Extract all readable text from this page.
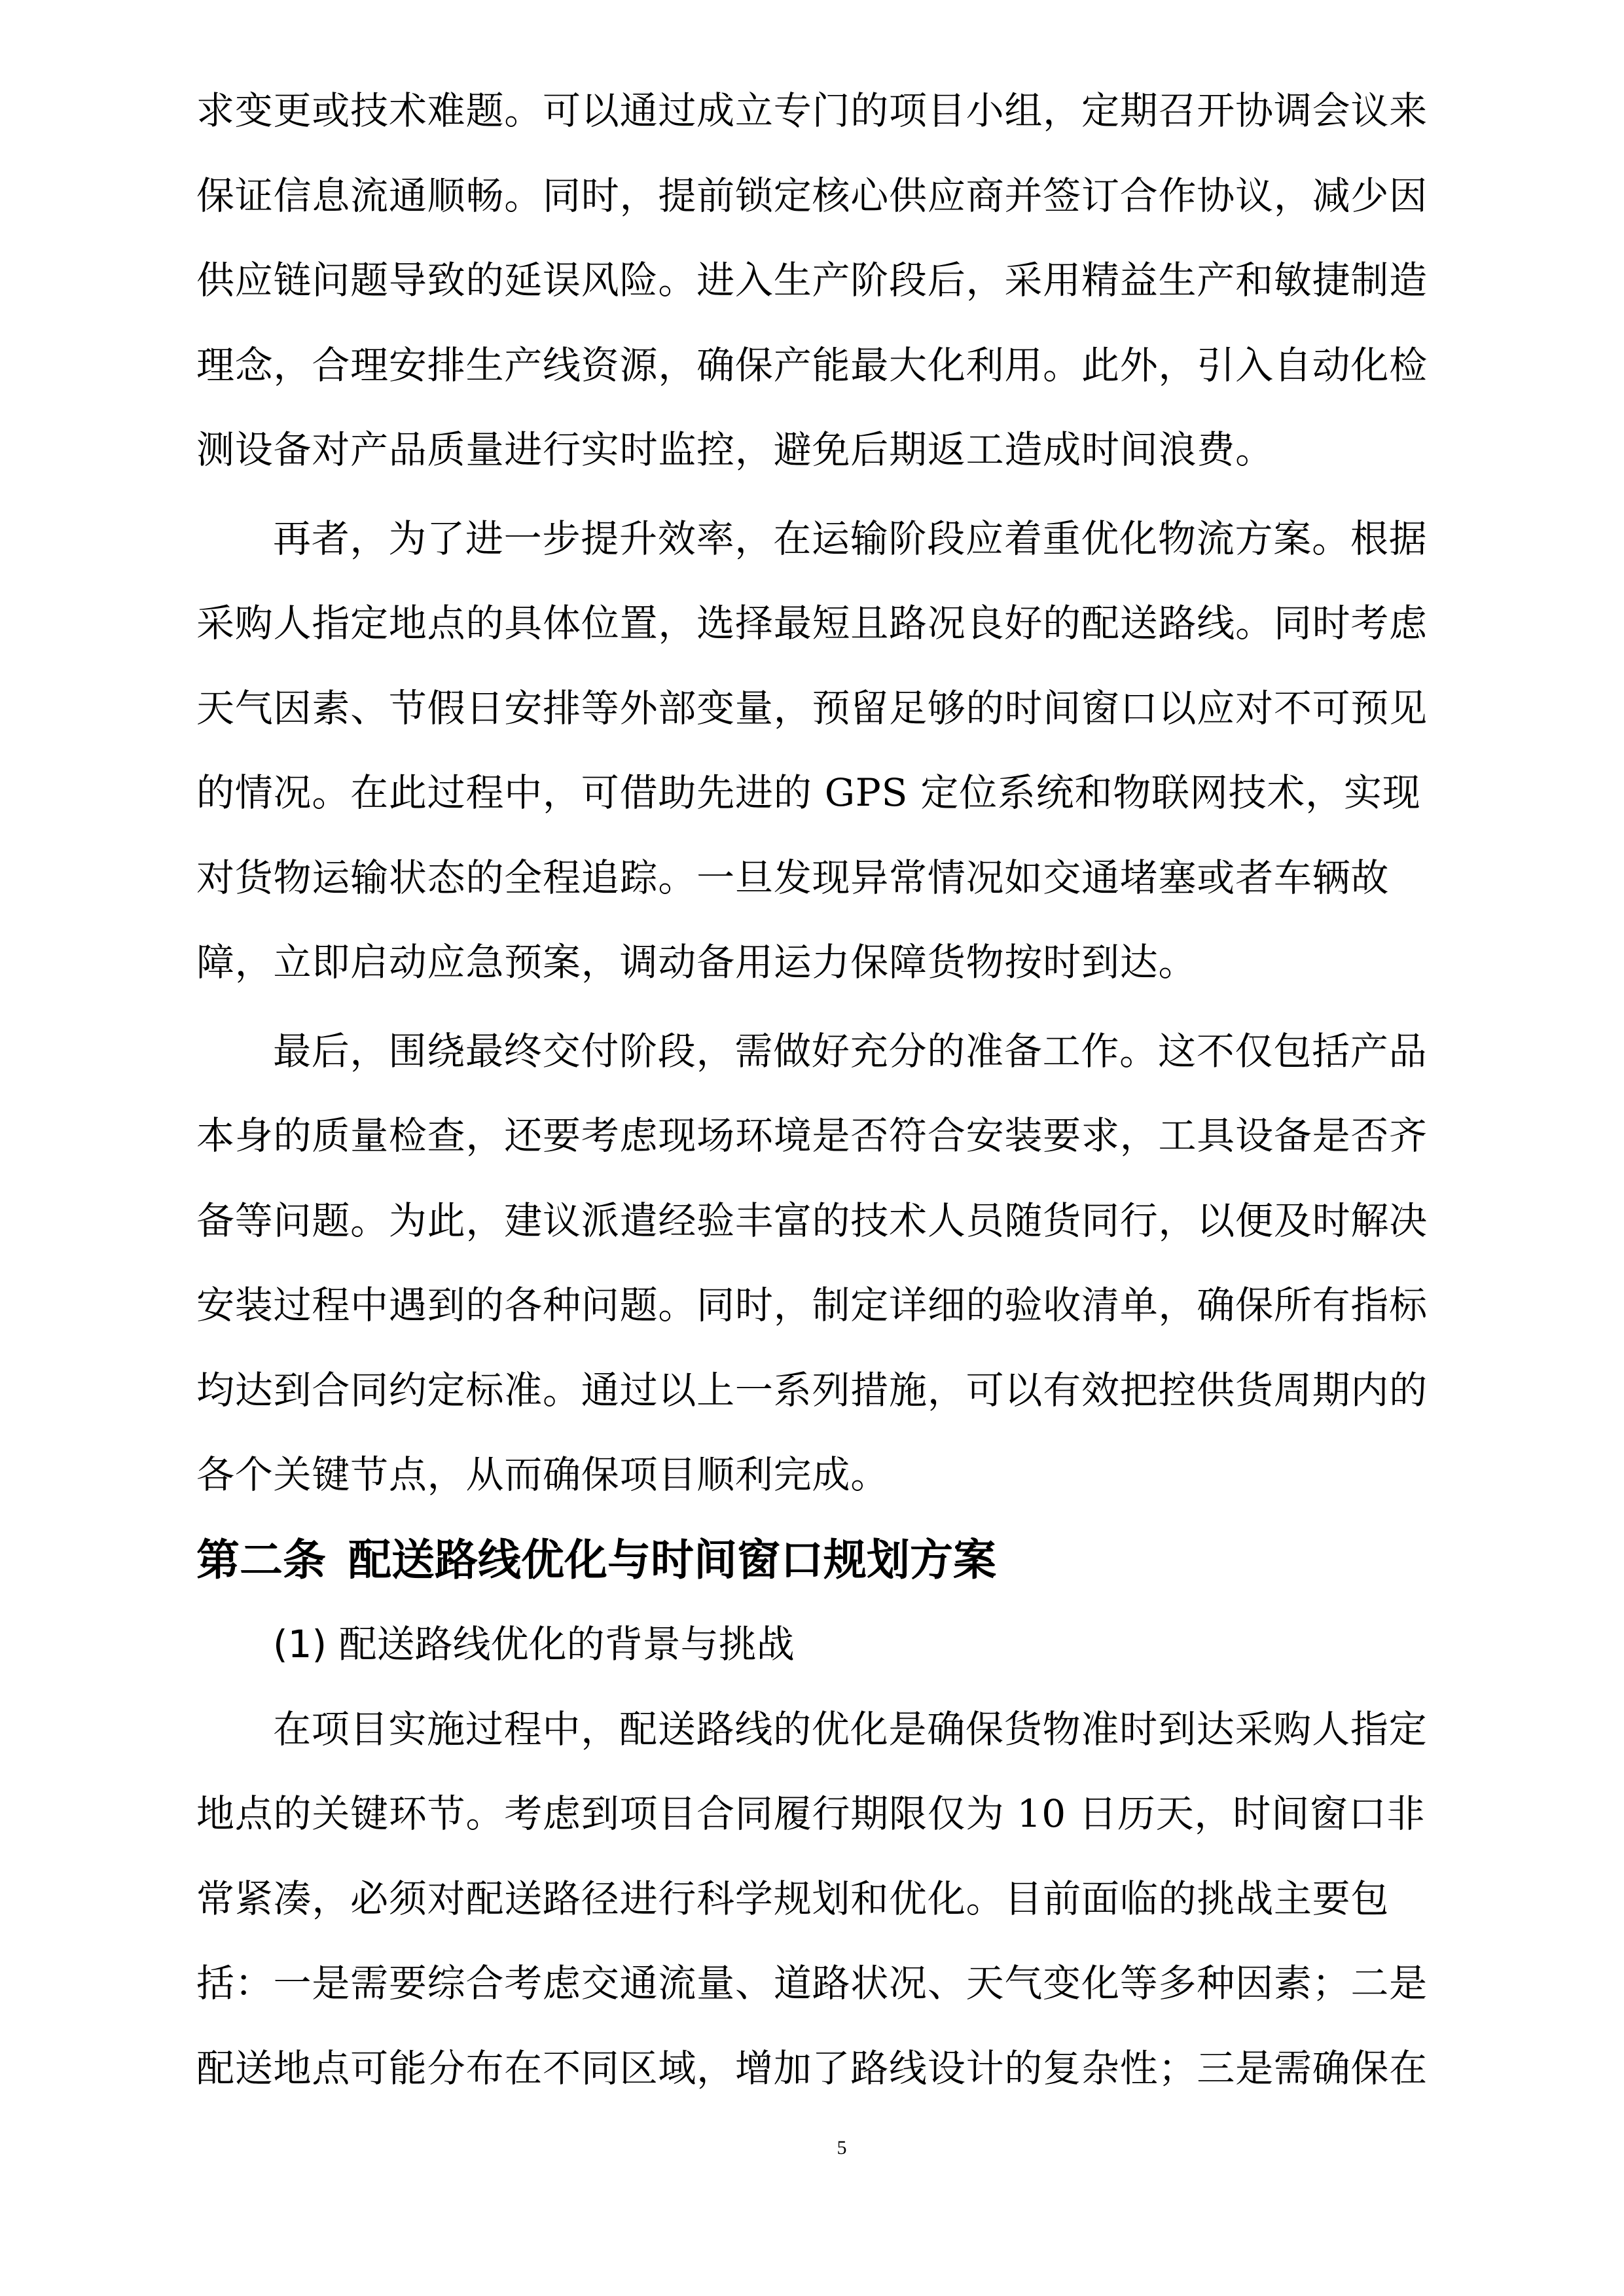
求变更或技术难题。可以通过成立专门的项目小组，定期召开协调会议来
保证信息流通顺畅。同时，提前锁定核心供应商并签订合作协议，减少因
供应链问题导致的延误风险。进入生产阶段后，采用精益生产和敏捷制造
理念，合理安排生产线资源，确保产能最大化利用。此外，引入自动化检
测设备对产品质量进行实时监控，避免后期返工造成时间浪费。
再者，为了进一步提升效率，在运输阶段应着重优化物流方案。根据
采购人指定地点的具体位置，选择最短且路况良好的配送路线。同时考虑
天气因素、节假日安排等外部变量，预留足够的时间窗口以应对不可预见
的情况。在此过程中，可借助先进的 GPS 定位系统和物联网技术，实现
对货物运输状态的全程追踪。一旦发现异常情况如交通堵塞或者车辆故
障，立即启动应急预案，调动备用运力保障货物按时到达。
最后，围绕最终交付阶段，需做好充分的准备工作。这不仅包括产品
本身的质量检查，还要考虑现场环境是否符合安装要求，工具设备是否齐
备等问题。为此，建议派遣经验丰富的技术人员随货同行，以便及时解决
安装过程中遇到的各种问题。同时，制定详细的验收清单，确保所有指标
均达到合同约定标准。通过以上一系列措施，可以有效把控供货周期内的
各个关键节点，从而确保项目顺利完成。
第二条 配送路线优化与时间窗口规划方案
(1) 配送路线优化的背景与挑战
在项目实施过程中，配送路线的优化是确保货物准时到达采购人指定
地点的关键环节。考虑到项目合同履行期限仅为 10 日历天，时间窗口非
常紧凑，必须对配送路径进行科学规划和优化。目前面临的挑战主要包
括：一是需要综合考虑交通流量、道路状况、天气变化等多种因素；二是
配送地点可能分布在不同区域，增加了路线设计的复杂性；三是需确保在
5
